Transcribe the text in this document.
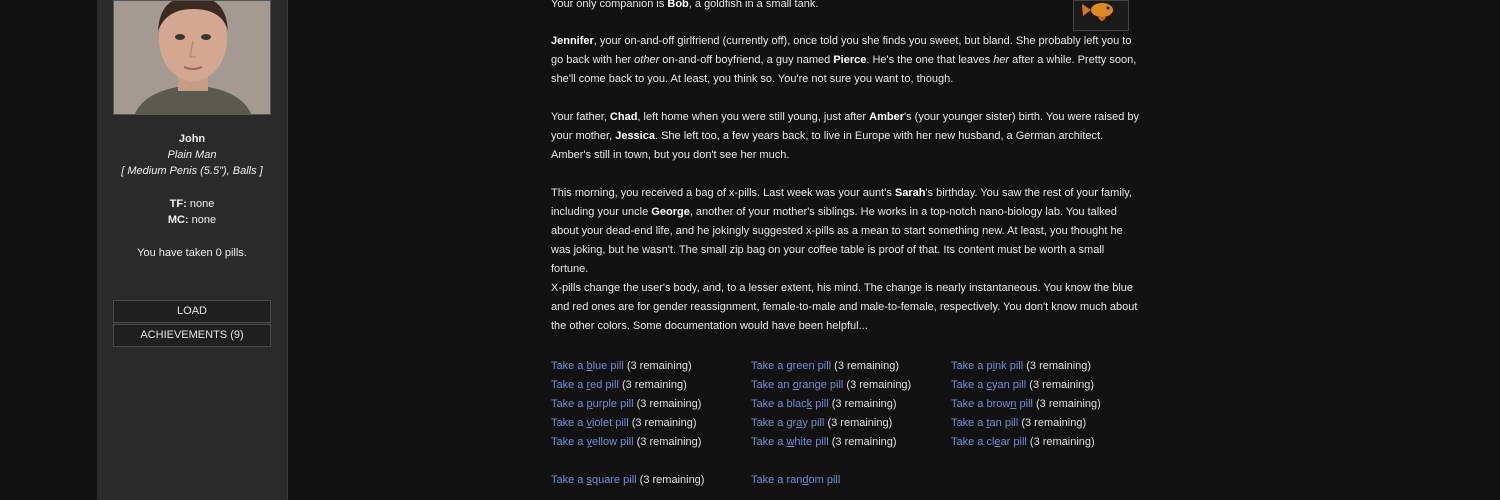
John
Plain Man
[ Medium Penis (5.5"), Balls ]
TF: none
MC: none
You have taken 0 pills.
LOAD
ACHIEVEMENTS (9)
Your only companion is Bob, a goldfish in a small tank.
Jennifer, your on-and-off girlfriend (currently off), once told you she finds you sweet, but bland. She probably left you to go back with her other on-and-off boyfriend, a guy named Pierce. He's the one that leaves her after a while. Pretty soon, she'll come back to you. At least, you think so. You're not sure you want to, though.
Your father, Chad, left home when you were still young, just after Amber's (your younger sister) birth. You were raised by your mother, Jessica. She left too, a few years back, to live in Europe with her new husband, a German architect. Amber's still in town, but you don't see her much.
This morning, you received a bag of x-pills. Last week was your aunt's Sarah's birthday. You saw the rest of your family, including your uncle George, another of your mother's siblings. He works in a top-notch nano-biology lab. You talked about your dead-end life, and he jokingly suggested x-pills as a mean to start something new. At least, you thought he was joking, but he wasn't. The small zip bag on your coffee table is proof of that. Its content must be worth a small fortune.
X-pills change the user's body, and, to a lesser extent, his mind. The change is nearly instantaneous. You know the blue and red ones are for gender reassignment, female-to-male and male-to-female, respectively. You don't know much about the other colors. Some documentation would have been helpful...
Take a blue pill (3 remaining)
Take a red pill (3 remaining)
Take a purple pill (3 remaining)
Take a violet pill (3 remaining)
Take a yellow pill (3 remaining)
Take a green pill (3 remaining)
Take an orange pill (3 remaining)
Take a black pill (3 remaining)
Take a gray pill (3 remaining)
Take a white pill (3 remaining)
Take a pink pill (3 remaining)
Take a cyan pill (3 remaining)
Take a brown pill (3 remaining)
Take a tan pill (3 remaining)
Take a clear pill (3 remaining)
Take a square pill (3 remaining)	Take a random pill
